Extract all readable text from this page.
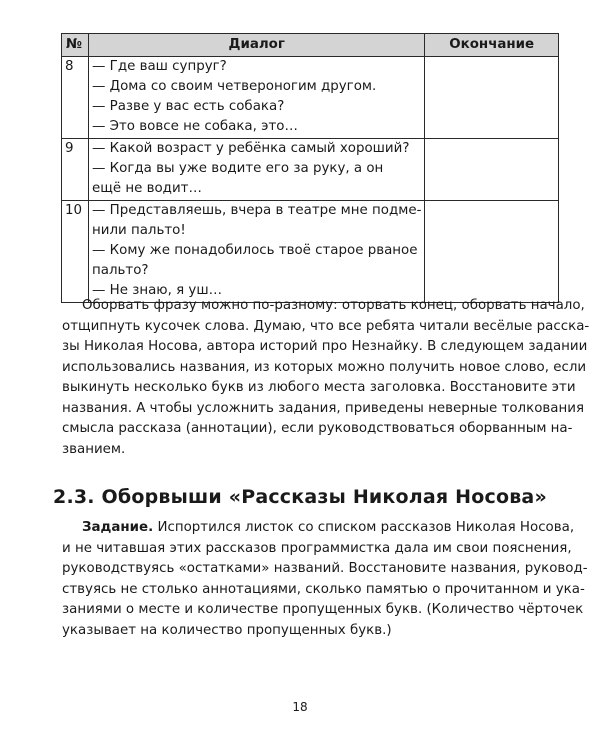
№	Диалог	Окончание
8	— Где ваш супруг?
— Дома со своим четвероногим другом.
— Разве у вас есть собака?
— Это вовсе не собака, это…	

9	— Какой возраст у ребёнка самый хороший?
— Когда вы уже водите его за руку, а он
ещё не водит…	

10	— Представляешь, вчера в театре мне подме-
нили пальто!
— Кому же понадобилось твоё старое рваное
пальто?
— Не знаю, я уш…	

Оборвать фразу можно по-разному: оторвать конец, оборвать начало,
отщипнуть кусочек слова. Думаю, что все ребята читали весёлые расска-
зы Николая Носова, автора историй про Незнайку. В следующем задании
использовались названия, из которых можно получить новое слово, если
выкинуть несколько букв из любого места заголовка. Восстановите эти
названия. А чтобы усложнить задания, приведены неверные толкования
смысла рассказа (аннотации), если руководствоваться оборванным на-
званием.
2.3. Оборвыши «Рассказы Николая Носова»
Задание. Испортился листок со списком рассказов Николая Носова,
и не читавшая этих рассказов программистка дала им свои пояснения,
руководствуясь «остатками» названий. Восстановите названия, руковод-
ствуясь не столько аннотациями, сколько памятью о прочитанном и ука-
заниями о месте и количестве пропущенных букв. (Количество чёрточек
указывает на количество пропущенных букв.)
18
